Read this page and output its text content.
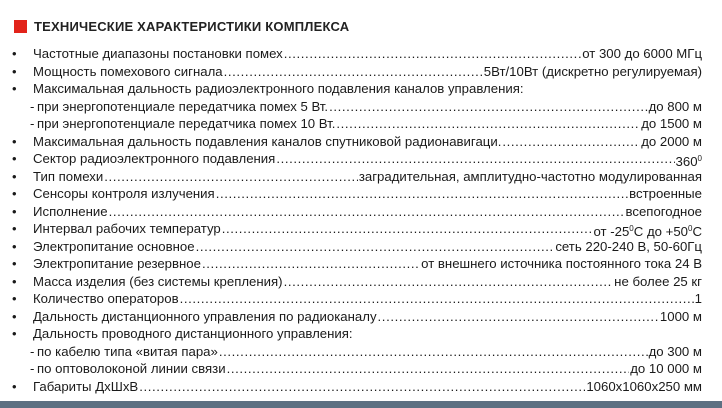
ТЕХНИЧЕСКИЕ ХАРАКТЕРИСТИКИ КОМПЛЕКСА
•	Частотные диапазоны постановки помех .....	от 300 до 6000 МГц
•	Мощность помехового сигнала .....	5Вт/10Вт (дискретно регулируемая)
•	Максимальная дальность радиоэлектронного подавления каналов управления:
- при энергопотенциале передатчика помех 5 Вт. .....	до 800 м
- при энергопотенциале передатчика помех 10 Вт. .....	до 1500 м
•	Максимальная дальность подавления каналов спутниковой радионавигаци. .....	до 2000 м
•	Сектор радиоэлектронного подавления .....	$360^0$
•	Тип помехи .....	заградительная, амплитудно-частотно модулированная
•	Сенсоры контроля излучения .....	встроенные
•	Исполнение .....	всепогодное
•	Интервал рабочих температур .....	от $-25^0С$ до $+50^0С$
•	Электропитание основное .....	сеть 220-240 В, 50-60Гц
•	Электропитание резервное .....	от внешнего источника постоянного тока 24 В
•	Масса изделия (без системы крепления) .....	не более 25 кг
•	Количество операторов .....	1
•	Дальность дистанционного управления по радиоканалу .....	1000 м
•	Дальность проводного дистанционного управления:
- по кабелю типа «витая пара» .....	до 300 м
- по оптоволоконой линии связи .....	до 10 000 м
•	Габариты ДхШхВ .....	1060х1060х250 мм
